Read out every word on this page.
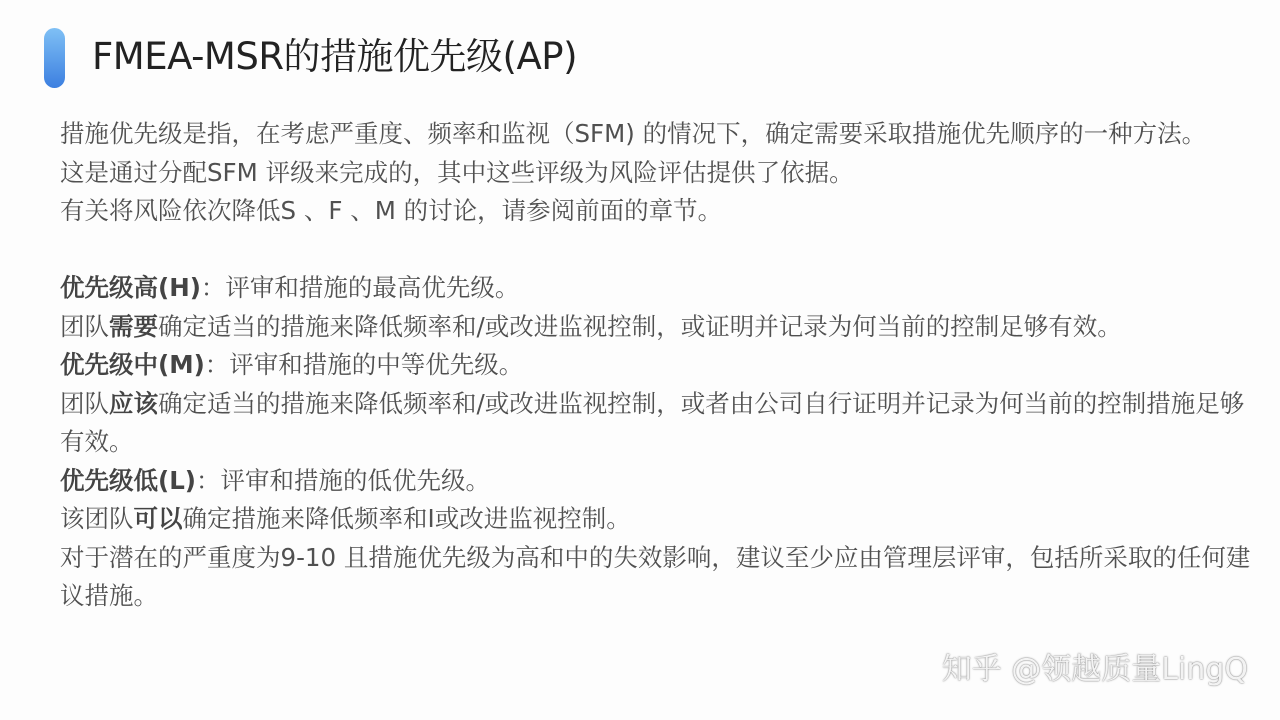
FMEA-MSR的措施优先级(AP)

措施优先级是指，在考虑严重度、频率和监视（SFM) 的情况下，确定需要采取措施优先顺序的一种方法。

这是通过分配SFM 评级来完成的，其中这些评级为风险评估提供了依据。

有关将风险依次降低S 、F 、M 的讨论，请参阅前面的章节。

优先级高(H)：评审和措施的最高优先级。

团队需要确定适当的措施来降低频率和/或改进监视控制，或证明并记录为何当前的控制足够有效。

优先级中(M)：评审和措施的中等优先级。

团队应该确定适当的措施来降低频率和/或改进监视控制，或者由公司自行证明并记录为何当前的控制措施足够有效。

优先级低(L)：评审和措施的低优先级。

该团队可以确定措施来降低频率和I或改进监视控制。

对于潜在的严重度为9-10 且措施优先级为高和中的失效影响，建议至少应由管理层评审，包括所采取的任何建议措施。

知乎 @领越质量LingQ
